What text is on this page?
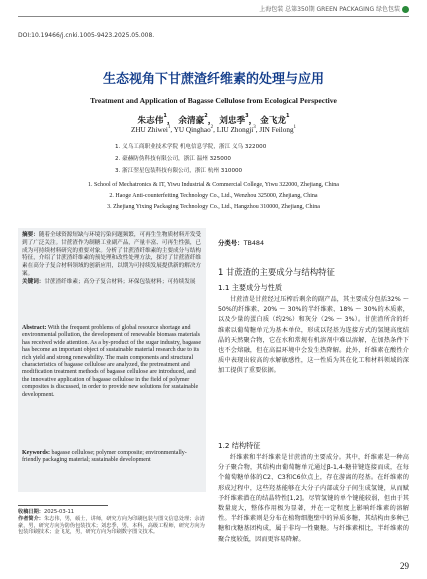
上海包装 总第350期 GREEN PACKAGING 绿色包装
DOI:10.19466/j.cnki.1005-9423.2025.05.008.
生态视角下甘蔗渣纤维素的处理与应用
Treatment and Application of Bagasse Cellulose from Ecological Perspective
朱志伟$^1$， 余清豪$^2$， 刘忠季$^3$， 金飞龙$^1$
ZHU Zhiwei$^1$, YU Qinghao$^2$, LIU Zhongji$^3$, JIN Feilong$^1$
1. 义乌工商职业技术学院 机电信息学院，浙江 义乌 322000
2. 豪赫防伪科技有限公司，浙江 温州 325000
3. 浙江翌星包装科技有限公司，浙江 杭州 310000
1. School of Mechatronics & IT, Yiwu Industrial & Commercial College, Yiwu 322000, Zhejiang, China
2. Haoge Anti-counterfeiting Technology Co., Ltd., Wenzhou 325000, Zhejiang, China
3. Zhejiang Yixing Packaging Technology Co., Ltd., Hangzhou 310000, Zhejiang, China
摘要：随着全球资源短缺与环境污染问题频繁，可再生生物质材料开发受到了广泛关注。甘蔗渣作为制糖工业副产品，产量丰富、可再生性强，已成为可持续材料研究的重要对象。分析了甘蔗渣纤维素的主要成分与结构特征，介绍了甘蔗渣纤维素的预处理和改性处理方法，探讨了甘蔗渣纤维素在高分子复合材料领域的创新应用，以期为可持续发展提供新的解决方案。
关键词：甘蔗渣纤维素；高分子复合材料；环保包装材料；可持续发展
Abstract: With the frequent problems of global resource shortage and environmental pollution, the development of renewable biomass materials has received wide attention. As a by-product of the sugar industry, bagasse has become an important object of sustainable material research due to its rich yield and strong renewability. The main components and structural characteristics of bagasse cellulose are analyzed, the pretreatment and modification treatment methods of bagasse cellulose are introduced, and the innovative application of bagasse cellulose in the field of polymer composites is discussed, in order to provide new solutions for sustainable development.
Keywords: bagasse cellulose; polymer composite; environmentally-friendly packaging material; sustainable development
收稿日期：2025-03-11
作者简介：朱志伟，男，硕士，讲师，研究方向为印刷包装与图文信息处理；余清豪，男，研究方向为防伪包装技术；刘忠季，男，本科，高级工程师，研究方向为包装印刷技术；金飞龙，男，研究方向为印刷数字图文技术。
分类号：TB484
1 甘蔗渣的主要成分与结构特征
1.1 主要成分与性质
甘蔗渣是甘蔗经过压榨后剩余的副产品，其主要成分包括32% ～ 50%的纤维素、20% ～ 30%的半纤维素、18% ～ 30%的木质素，以及少量的蛋白质（约2%）和灰分（2% ～ 3%）。甘蔗渣所含的纤维素以葡萄糖单元为基本单位，形成以羟基为连接方式的氢键高度结晶的天然聚合物，它在水和常规有机溶剂中难以溶解，在加热条件下也不会熔融，但在高温环境中会发生热降解。此外，纤维素在酸性介质中表现出较高的水解敏感性，这一性质为其在化工和材料领域的深加工提供了重要依据。
1.2 结构特征
纤维素和半纤维素是甘蔗渣的主要成分。其中，纤维素是一种高分子聚合物，其结构由葡萄糖单元通过β-1,4-糖苷键连接而成，在每个葡萄糖单体的C2、C3和C6位点上，存在游离的羟基。在纤维素的形成过程中，这些羟基能够在大分子内部或分子间生成氢键，从而赋予纤维素潜在的结晶特性[1,2]。尽管氢键的单个键能较弱，但由于其数量庞大，整体作用极为显著，并在一定程度上影响纤维素的溶解性。半纤维素则是分布在植物细胞壁中的异质多糖，其结构由多种己糖和戊糖基团构成，属于非均一性聚糖。与纤维素相比，半纤维素的聚合度较低，因而更容易降解。
29
